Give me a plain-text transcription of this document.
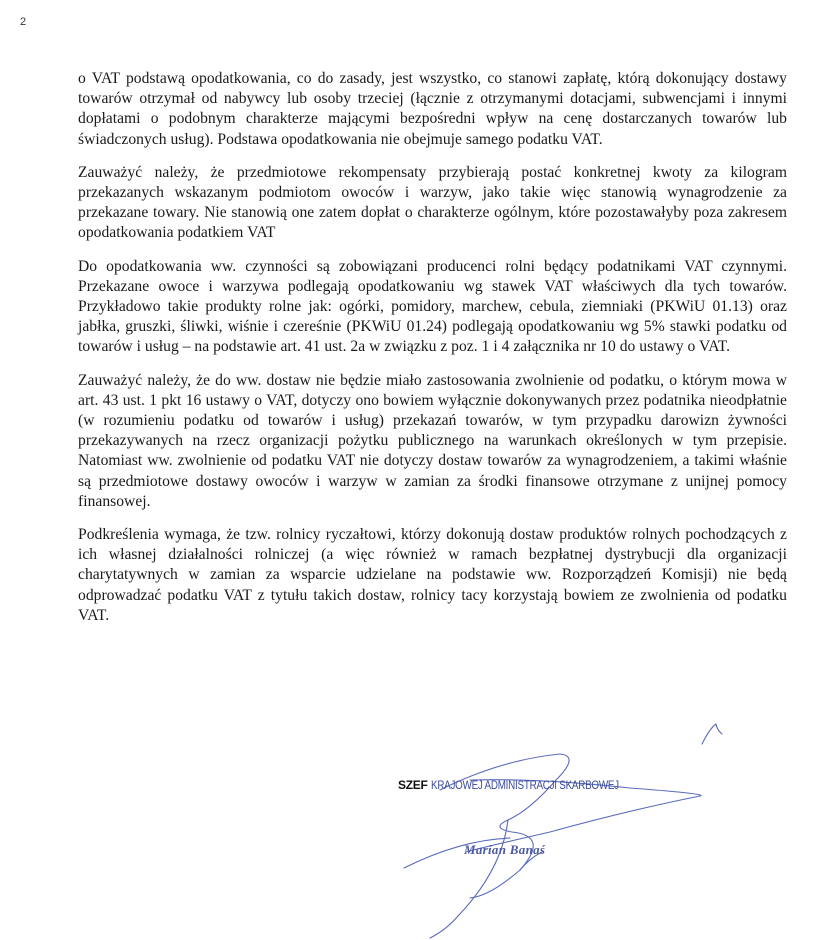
2

o VAT podstawą opodatkowania, co do zasady, jest wszystko, co stanowi zapłatę, którą dokonujący dostawy towarów otrzymał od nabywcy lub osoby trzeciej (łącznie z otrzymanymi dotacjami, subwencjami i innymi dopłatami o podobnym charakterze mającymi bezpośredni wpływ na cenę dostarczanych towarów lub świadczonych usług). Podstawa opodatkowania nie obejmuje samego podatku VAT.

Zauważyć należy, że przedmiotowe rekompensaty przybierają postać konkretnej kwoty za kilogram przekazanych wskazanym podmiotom owoców i warzyw, jako takie więc stanowią wynagrodzenie za przekazane towary. Nie stanowią one zatem dopłat o charakterze ogólnym, które pozostawałyby poza zakresem opodatkowania podatkiem VAT

Do opodatkowania ww. czynności są zobowiązani producenci rolni będący podatnikami VAT czynnymi. Przekazane owoce i warzywa podlegają opodatkowaniu wg stawek VAT właściwych dla tych towarów. Przykładowo takie produkty rolne jak: ogórki, pomidory, marchew, cebula, ziemniaki (PKWiU 01.13) oraz jabłka, gruszki, śliwki, wiśnie i czereśnie (PKWiU 01.24) podlegają opodatkowaniu wg 5% stawki podatku od towarów i usług – na podstawie art. 41 ust. 2a w związku z poz. 1 i 4 załącznika nr 10 do ustawy o VAT.

Zauważyć należy, że do ww. dostaw nie będzie miało zastosowania zwolnienie od podatku, o którym mowa w art. 43 ust. 1 pkt 16 ustawy o VAT, dotyczy ono bowiem wyłącznie dokonywanych przez podatnika nieodpłatnie (w rozumieniu podatku od towarów i usług) przekazań towarów, w tym przypadku darowizn żywności przekazywanych na rzecz organizacji pożytku publicznego na warunkach określonych w tym przepisie. Natomiast ww. zwolnienie od podatku VAT nie dotyczy dostaw towarów za wynagrodzeniem, a takimi właśnie są przedmiotowe dostawy owoców i warzyw w zamian za środki finansowe otrzymane z unijnej pomocy finansowej.

Podkreślenia wymaga, że tzw. rolnicy ryczałtowi, którzy dokonują dostaw produktów rolnych pochodzących z ich własnej działalności rolniczej (a więc również w ramach bezpłatnej dystrybucji dla organizacji charytatywnych w zamian za wsparcie udzielane na podstawie ww. Rozporządzeń Komisji) nie będą odprowadzać podatku VAT z tytułu takich dostaw, rolnicy tacy korzystają bowiem ze zwolnienia od podatku VAT.

SZEF KRAJOWEJ ADMINISTRACJI SKARBOWEJ
Marian Banaś
